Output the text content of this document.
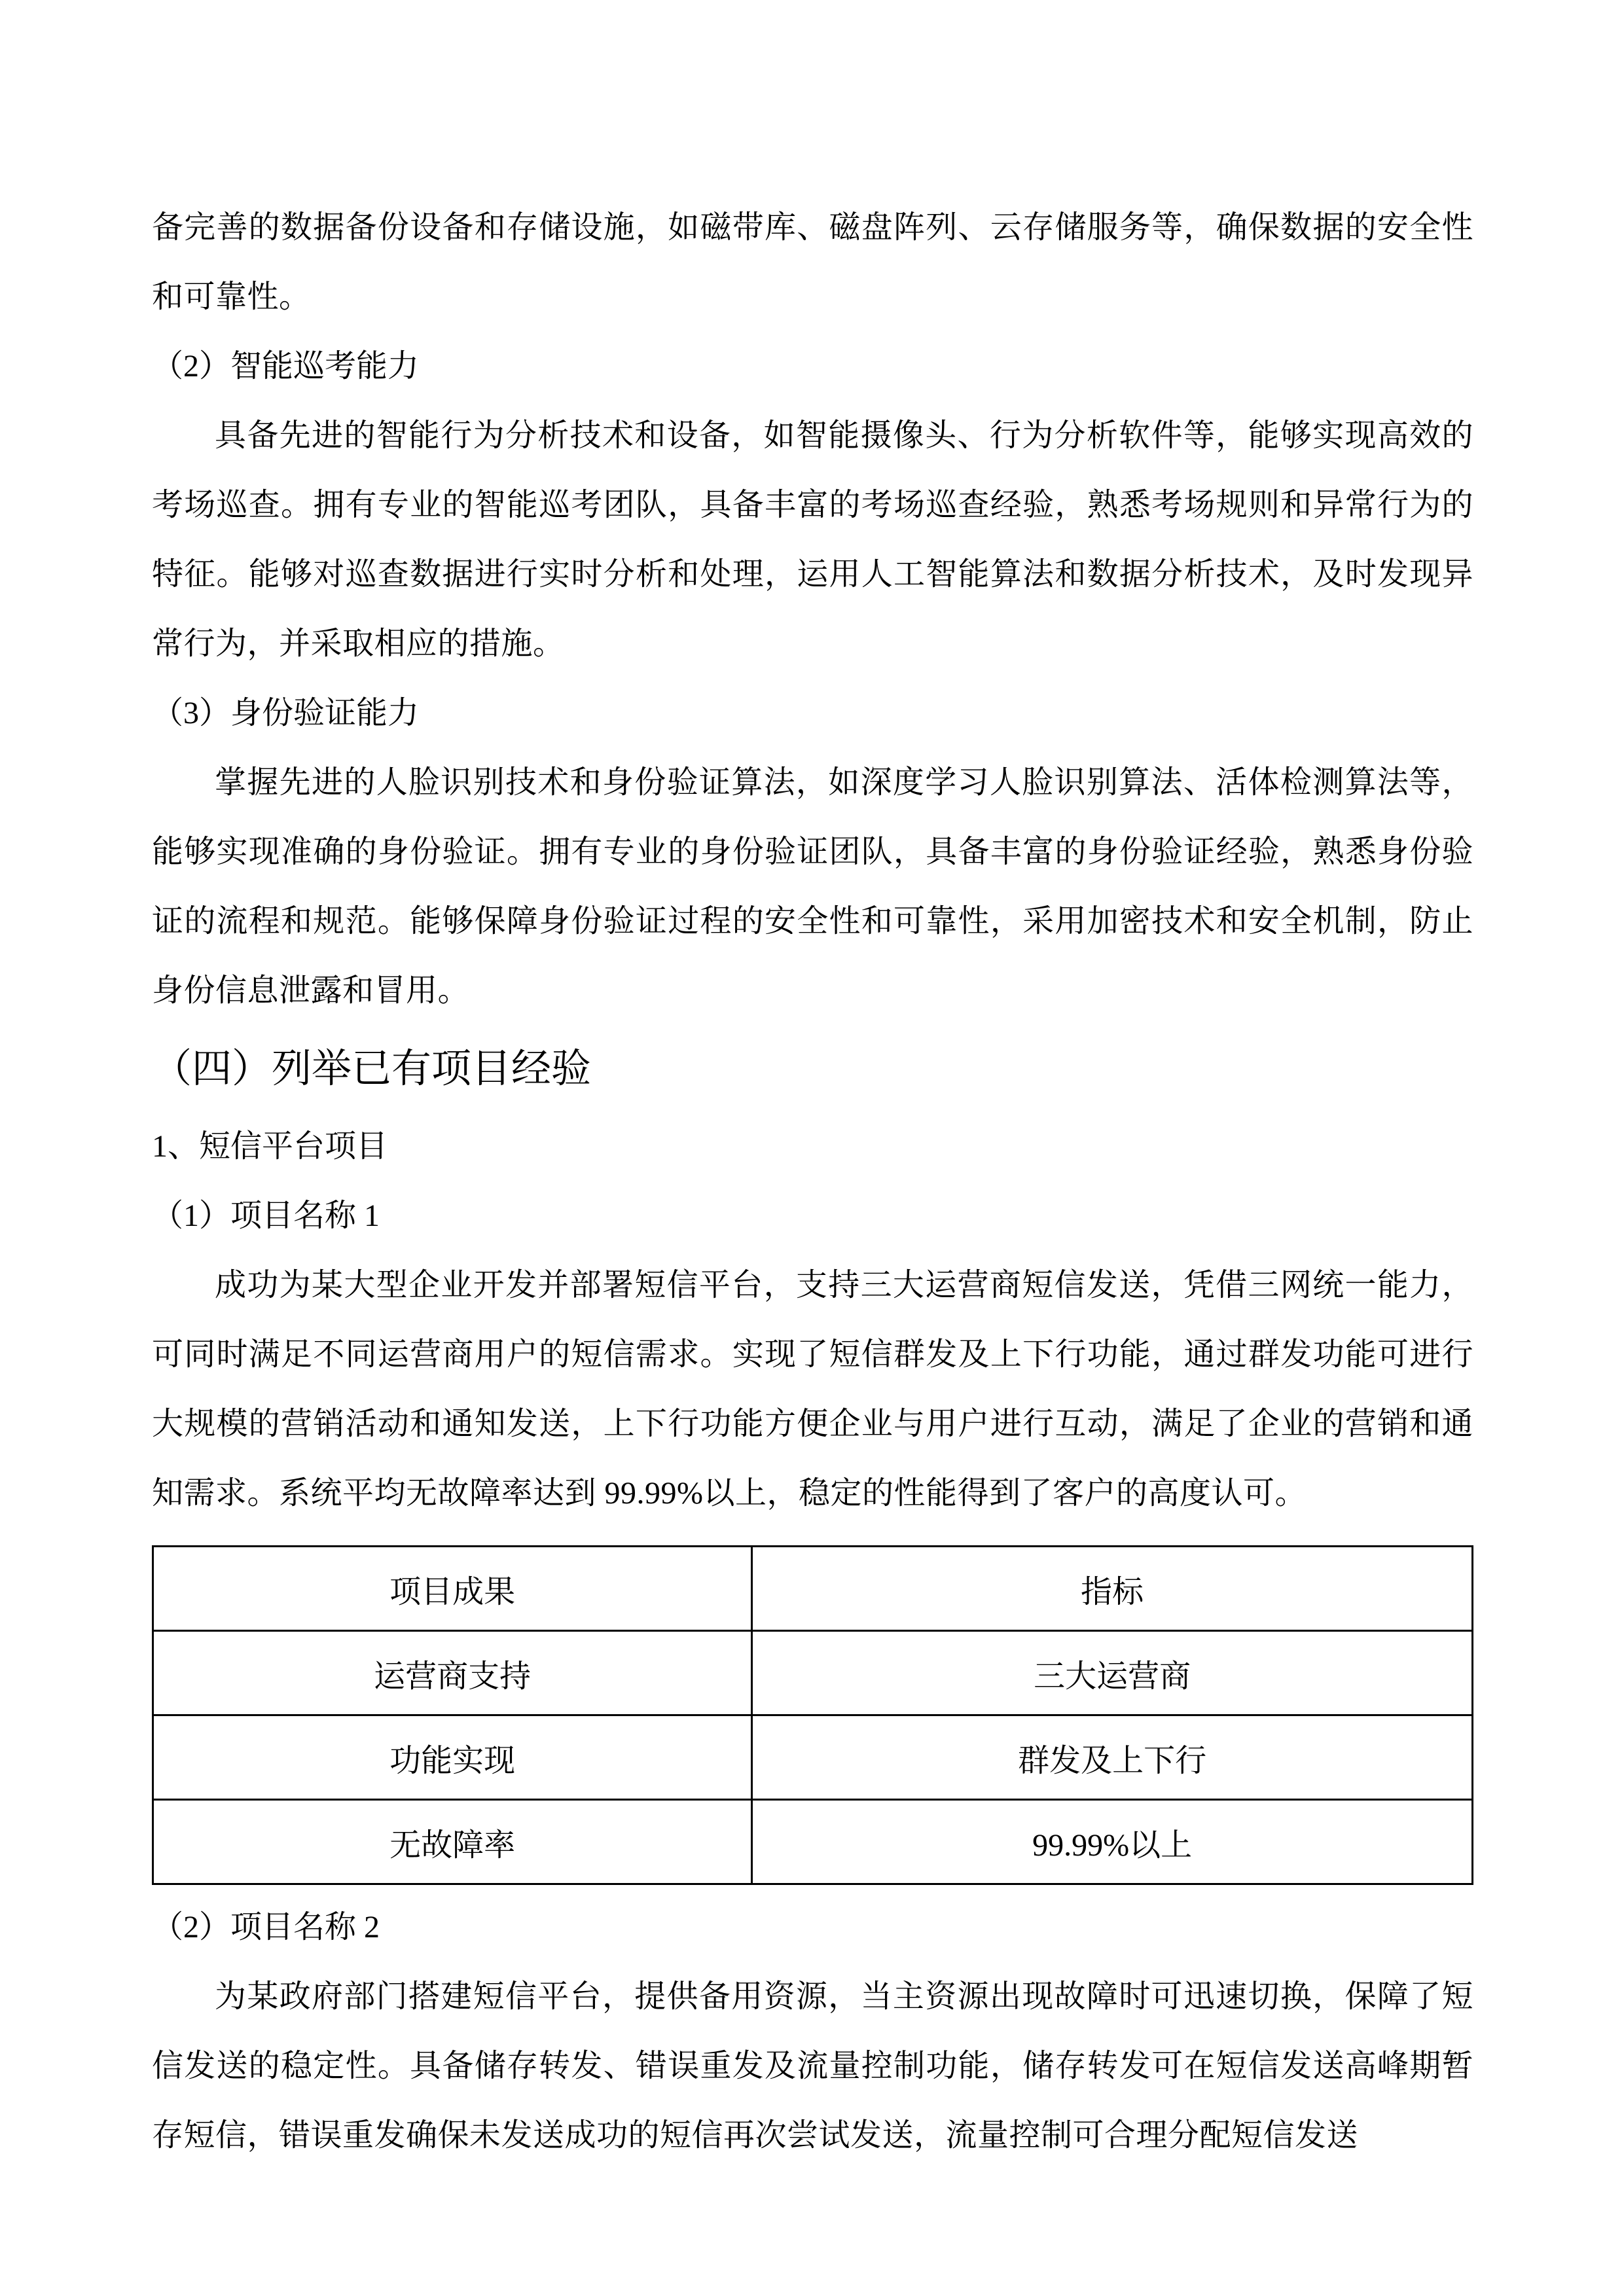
备完善的数据备份设备和存储设施，如磁带库、磁盘阵列、云存储服务等，确保数据的安全性和可靠性。

（2）智能巡考能力

具备先进的智能行为分析技术和设备，如智能摄像头、行为分析软件等，能够实现高效的考场巡查。拥有专业的智能巡考团队，具备丰富的考场巡查经验，熟悉考场规则和异常行为的特征。能够对巡查数据进行实时分析和处理，运用人工智能算法和数据分析技术，及时发现异常行为，并采取相应的措施。

（3）身份验证能力

掌握先进的人脸识别技术和身份验证算法，如深度学习人脸识别算法、活体检测算法等，能够实现准确的身份验证。拥有专业的身份验证团队，具备丰富的身份验证经验，熟悉身份验证的流程和规范。能够保障身份验证过程的安全性和可靠性，采用加密技术和安全机制，防止身份信息泄露和冒用。

（四）列举已有项目经验

1、短信平台项目

（1）项目名称 1

成功为某大型企业开发并部署短信平台，支持三大运营商短信发送，凭借三网统一能力，可同时满足不同运营商用户的短信需求。实现了短信群发及上下行功能，通过群发功能可进行大规模的营销活动和通知发送，上下行功能方便企业与用户进行互动，满足了企业的营销和通知需求。系统平均无故障率达到 99.99%以上，稳定的性能得到了客户的高度认可。

项目成果	指标
运营商支持	三大运营商
功能实现	群发及上下行
无故障率	99.99%以上

（2）项目名称 2

为某政府部门搭建短信平台，提供备用资源，当主资源出现故障时可迅速切换，保障了短信发送的稳定性。具备储存转发、错误重发及流量控制功能，储存转发可在短信发送高峰期暂存短信，错误重发确保未发送成功的短信再次尝试发送，流量控制可合理分配短信发送
